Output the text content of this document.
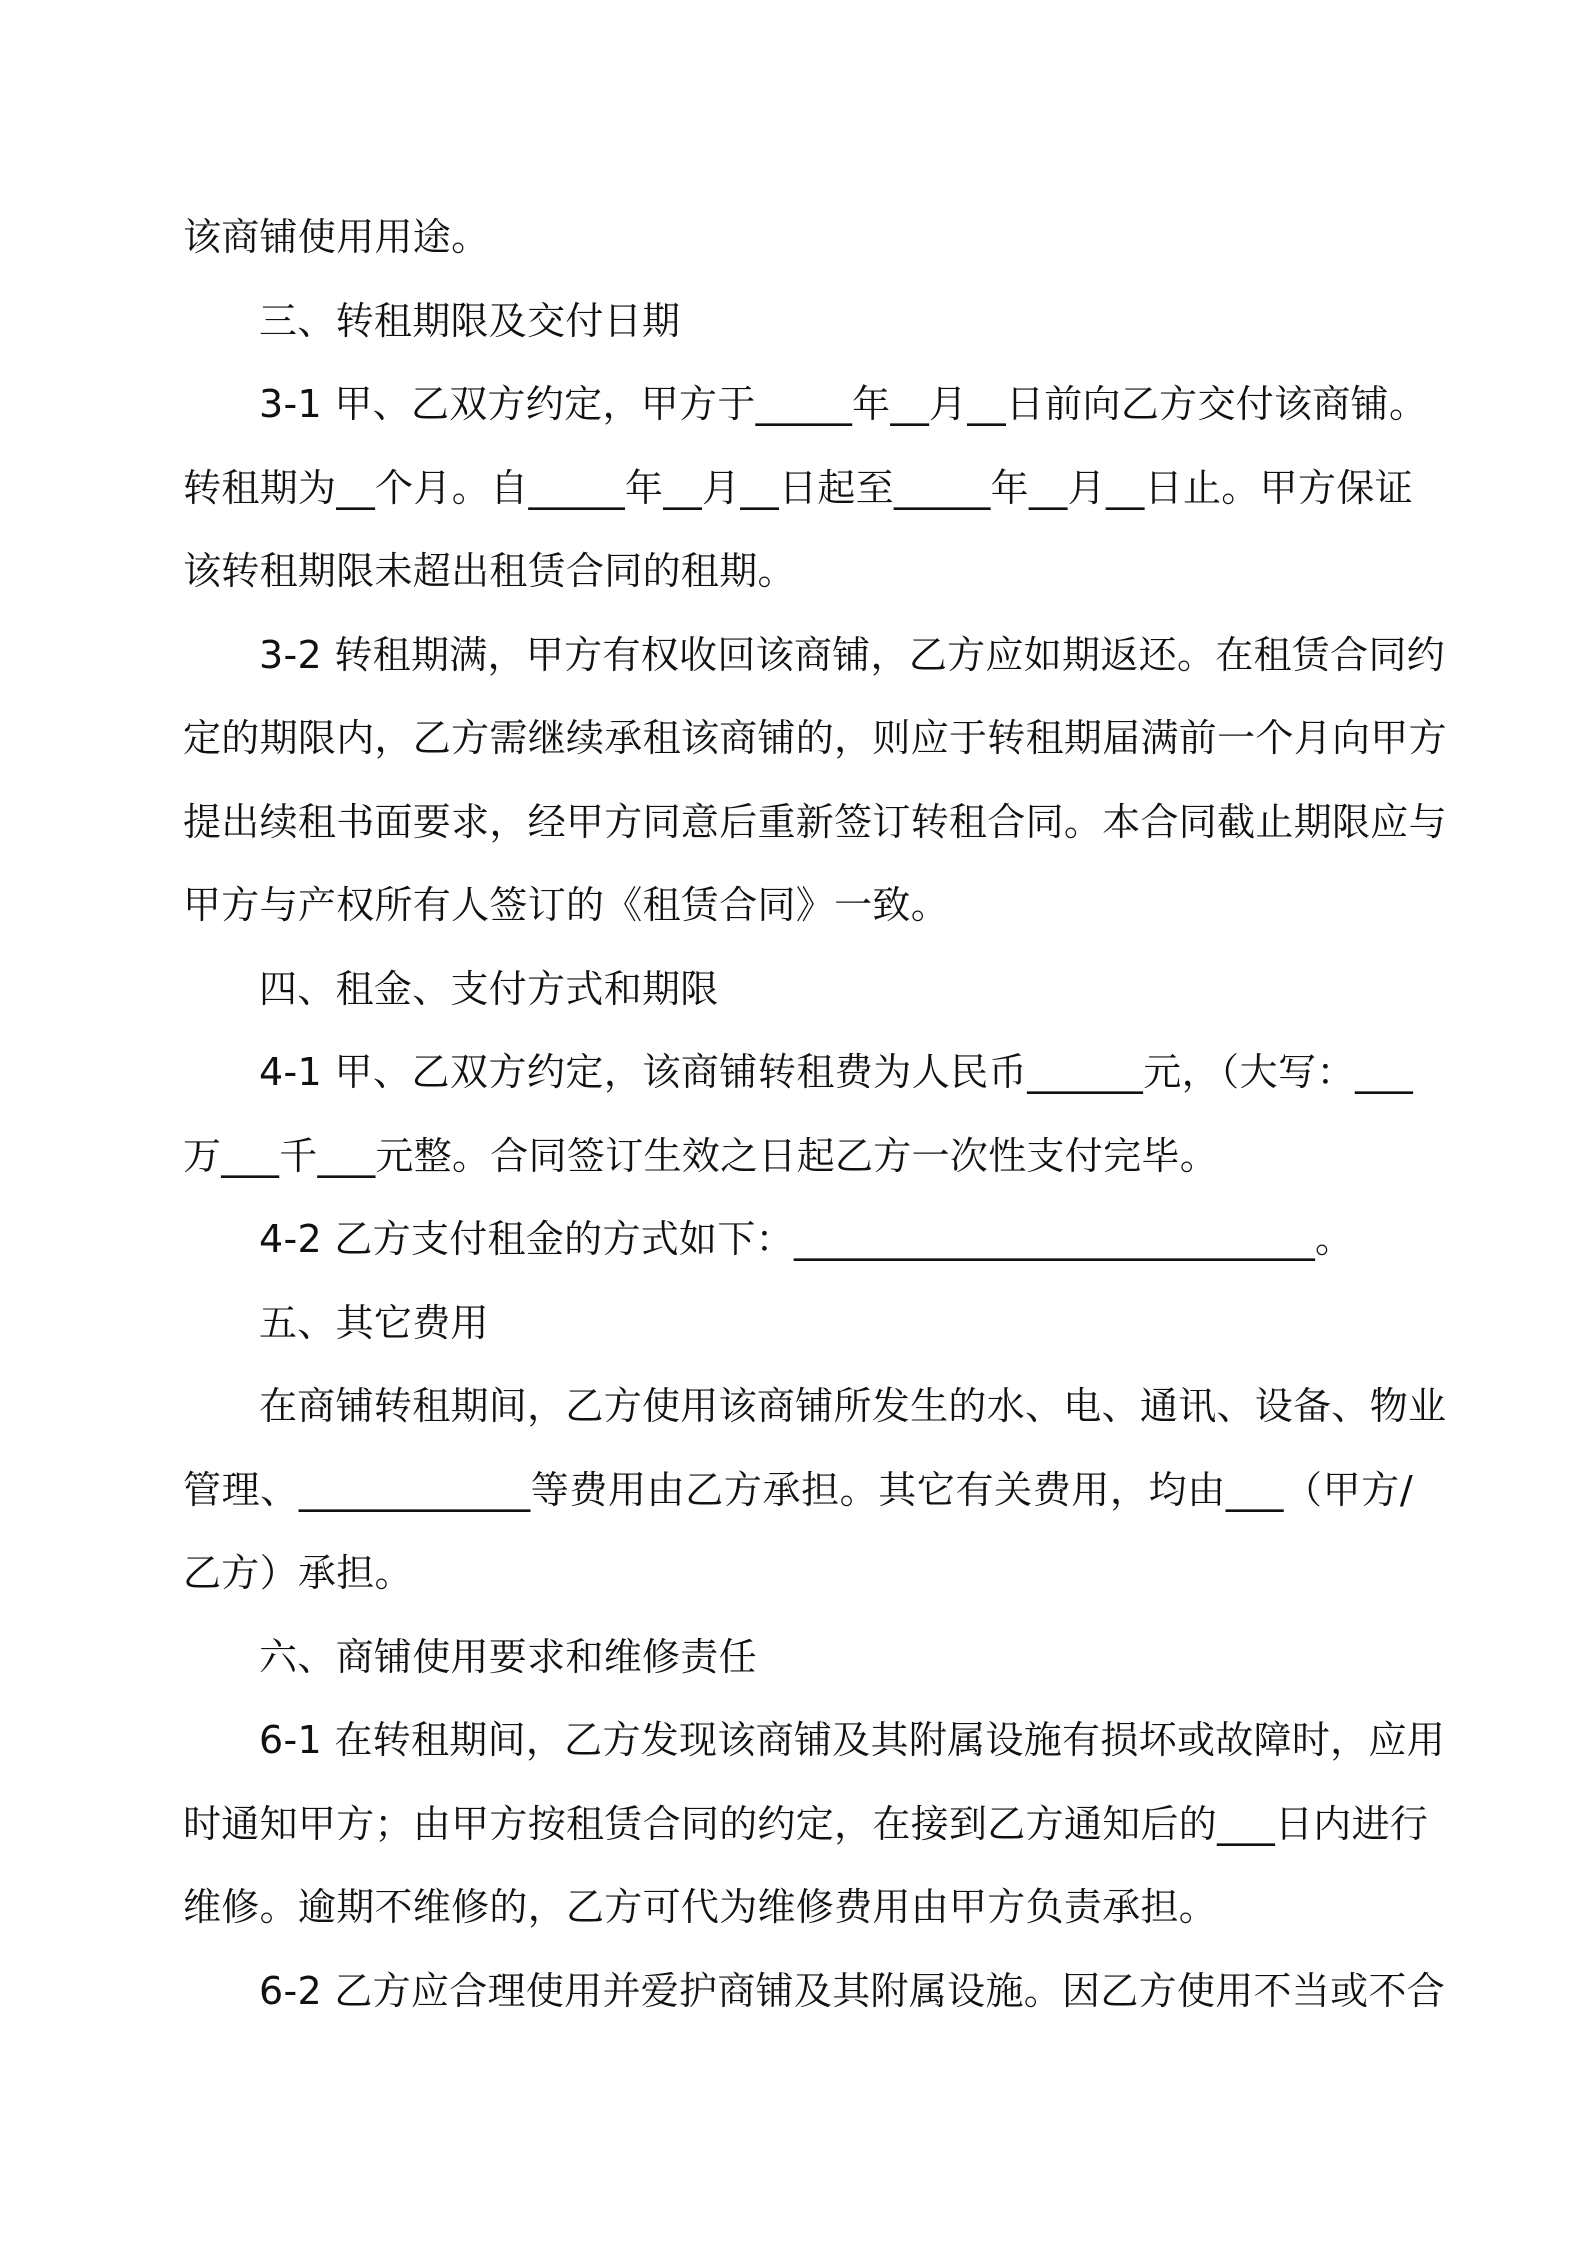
该商铺使用用途。
三、转租期限及交付日期
3-1 甲、乙双方约定，甲方于_____年__月__日前向乙方交付该商铺。
转租期为__个月。自_____年__月__日起至_____年__月__日止。甲方保证
该转租期限未超出租赁合同的租期。
3-2 转租期满，甲方有权收回该商铺，乙方应如期返还。在租赁合同约
定的期限内，乙方需继续承租该商铺的，则应于转租期届满前一个月向甲方
提出续租书面要求，经甲方同意后重新签订转租合同。本合同截止期限应与
甲方与产权所有人签订的《租赁合同》一致。
四、租金、支付方式和期限
4-1 甲、乙双方约定，该商铺转租费为人民币______元，（大写：___
万___千___元整。合同签订生效之日起乙方一次性支付完毕。
4-2 乙方支付租金的方式如下：___________________________。
五、其它费用
在商铺转租期间，乙方使用该商铺所发生的水、电、通讯、设备、物业
管理、____________等费用由乙方承担。其它有关费用，均由___（甲方/
乙方）承担。
六、商铺使用要求和维修责任
6-1 在转租期间，乙方发现该商铺及其附属设施有损坏或故障时，应用
时通知甲方；由甲方按租赁合同的约定，在接到乙方通知后的___日内进行
维修。逾期不维修的，乙方可代为维修费用由甲方负责承担。
6-2 乙方应合理使用并爱护商铺及其附属设施。因乙方使用不当或不合
